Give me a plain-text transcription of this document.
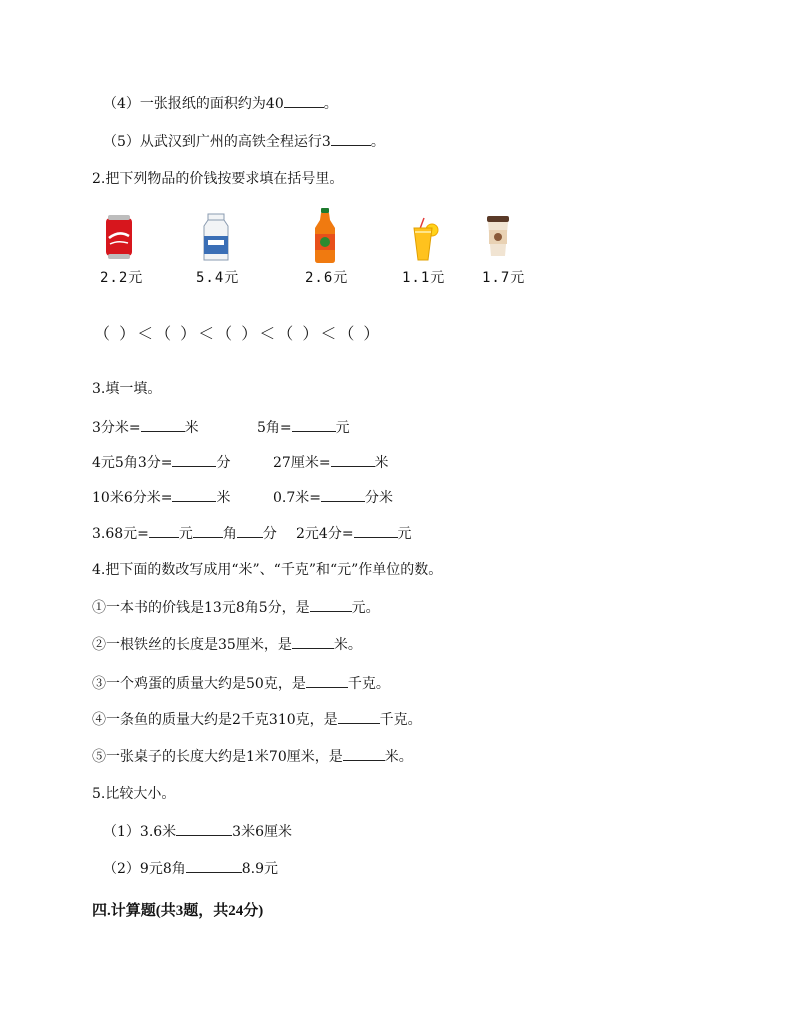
（4）一张报纸的面积约为40	。
（5）从武汉到广州的高铁全程运行3	。
2.把下列物品的价钱按要求填在括号里。
2.2元	5.4元	2.6元	1.1元	1.7元
（ ）＜（ ）＜（ ）＜（ ）＜（ ）
3.填一填。
3分米=	米	5角=	元
4元5角3分=	分	27厘米=	米
10米6分米=	米	0.7米=	分米
3.68元= 元 角 分 2元4分=	元
4.把下面的数改写成用“米”、“千克”和“元”作单位的数。
①一本书的价钱是13元8角5分，是	元。
②一根铁丝的长度是35厘米，是	米。
③一个鸡蛋的质量大约是50克，是	千克。
④一条鱼的质量大约是2千克310克，是	千克。
⑤一张桌子的长度大约是1米70厘米，是	米。
5.比较大小。
（1）3.6米	3米6厘米
（2）9元8角	8.9元
四.计算题(共3题，共24分)
